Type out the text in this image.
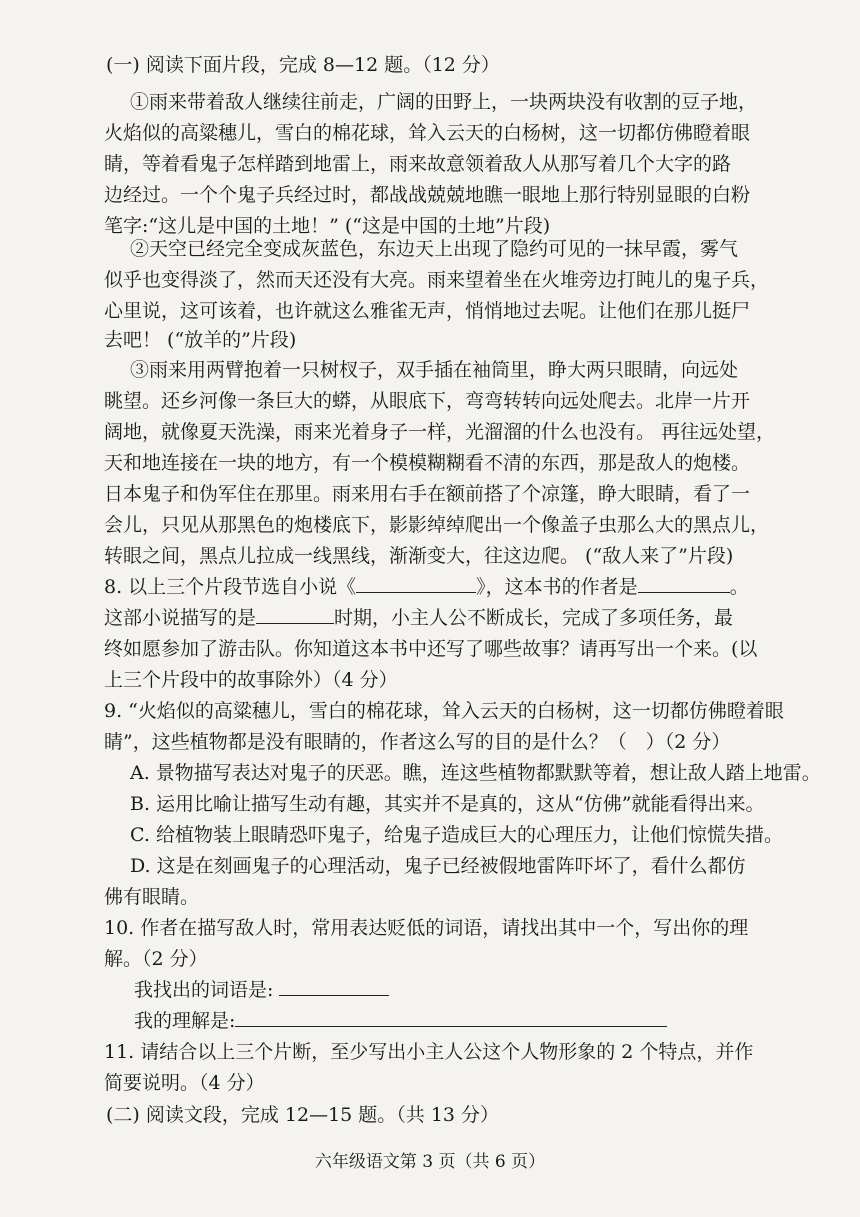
(一) 阅读下面片段，完成 8—12 题。（12 分）
①雨来带着敌人继续往前走，广阔的田野上，一块两块没有收割的豆子地，
火焰似的高粱穗儿，雪白的棉花球，耸入云天的白杨树，这一切都仿佛瞪着眼
睛，等着看鬼子怎样踏到地雷上，雨来故意领着敌人从那写着几个大字的路
边经过。一个个鬼子兵经过时，都战战兢兢地瞧一眼地上那行特别显眼的白粉
笔字:“这儿是中国的土地！” (“这是中国的土地”片段)
②天空已经完全变成灰蓝色，东边天上出现了隐约可见的一抹早霞，雾气
似乎也变得淡了，然而天还没有大亮。雨来望着坐在火堆旁边打盹儿的鬼子兵，
心里说，这可该着，也许就这么雅雀无声，悄悄地过去呢。让他们在那儿挺尸
去吧！ (“放羊的”片段)
③雨来用两臂抱着一只树杈子，双手插在袖筒里，睁大两只眼睛，向远处
眺望。还乡河像一条巨大的蟒，从眼底下，弯弯转转向远处爬去。北岸一片开
阔地，就像夏天洗澡，雨来光着身子一样，光溜溜的什么也没有。 再往远处望，
天和地连接在一块的地方，有一个模模糊糊看不清的东西，那是敌人的炮楼。
日本鬼子和伪军住在那里。雨来用右手在额前搭了个凉篷，睁大眼睛，看了一
会儿，只见从那黑色的炮楼底下，影影绰绰爬出一个像盖子虫那么大的黑点儿，
转眼之间，黑点儿拉成一线黑线，渐渐变大，往这边爬。 (“敌人来了”片段)
8. 以上三个片段节选自小说《	》，这本书的作者是	。
这部小说描写的是	时期，小主人公不断成长，完成了多项任务，最
终如愿参加了游击队。你知道这本书中还写了哪些故事？请再写出一个来。(以
上三个片段中的故事除外）（4 分）
9. “火焰似的高粱穗儿，雪白的棉花球，耸入云天的白杨树，这一切都仿佛瞪着眼
睛”，这些植物都是没有眼睛的，作者这么写的目的是什么？（　）（2 分）
A. 景物描写表达对鬼子的厌恶。瞧，连这些植物都默默等着，想让敌人踏上地雷。
B. 运用比喻让描写生动有趣，其实并不是真的，这从“仿佛”就能看得出来。
C. 给植物装上眼睛恐吓鬼子，给鬼子造成巨大的心理压力，让他们惊慌失措。
D. 这是在刻画鬼子的心理活动，鬼子已经被假地雷阵吓坏了，看什么都仿
佛有眼睛。
10. 作者在描写敌人时，常用表达贬低的词语，请找出其中一个，写出你的理
解。（2 分）
我找出的词语是:
我的理解是:
11. 请结合以上三个片断，至少写出小主人公这个人物形象的 2 个特点，并作
简要说明。（4 分）
(二) 阅读文段，完成 12—15 题。（共 13 分）
六年级语文第 3 页（共 6 页）
